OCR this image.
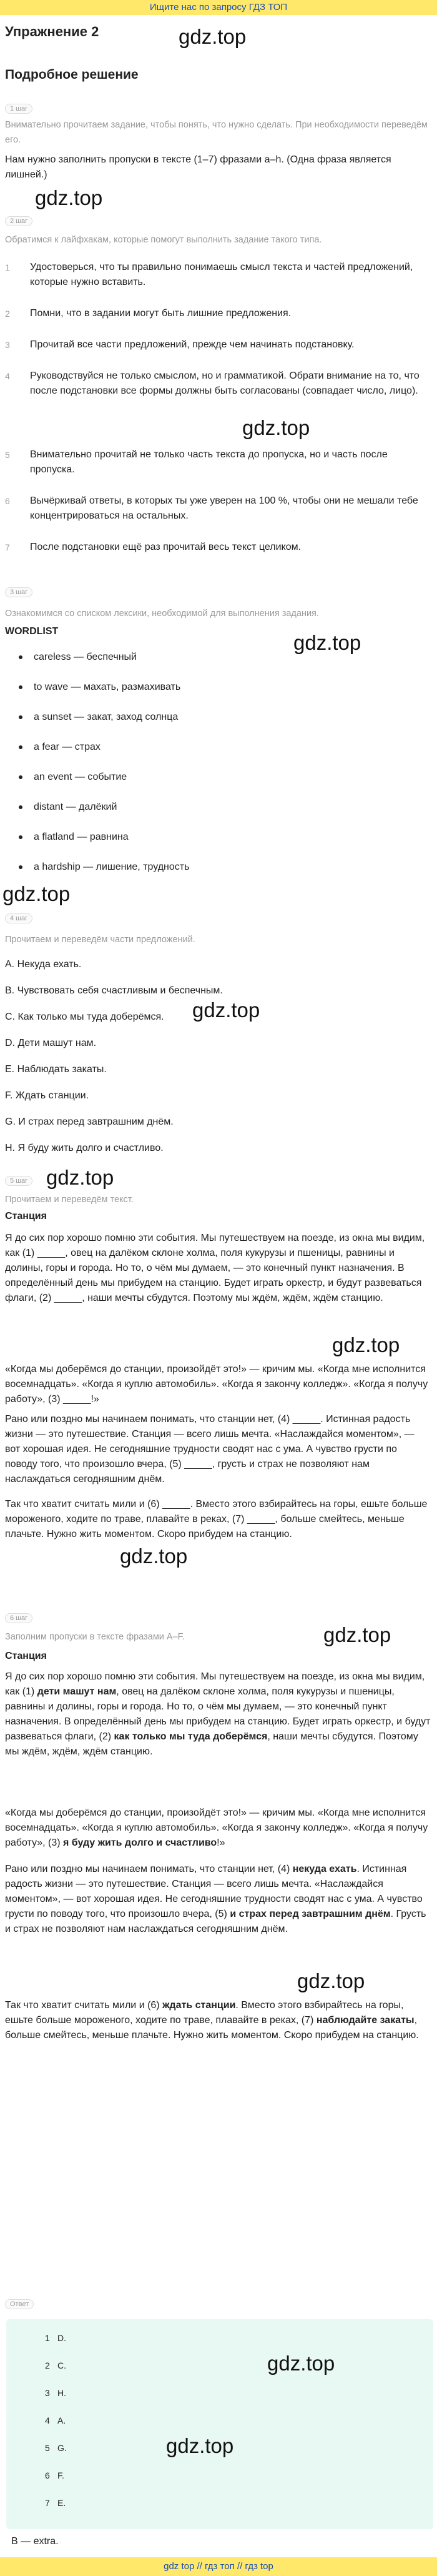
Ищите нас по запросу ГДЗ ТОП
Упражнение 2	gdz.top
Подробное решение
1 шаг
Внимательно прочитаем задание, чтобы понять, что нужно сделать. При необходимости переведём его.
Нам нужно заполнить пропуски в тексте (1–7) фразами a–h. (Одна фраза является лишней.)
gdz.top
2 шаг
Обратимся к лайфхакам, которые помогут выполнить задание такого типа.
1	Удостоверься, что ты правильно понимаешь смысл текста и частей предложений, которые нужно вставить.
2	Помни, что в задании могут быть лишние предложения.
3	Прочитай все части предложений, прежде чем начинать подстановку.
4	Руководствуйся не только смыслом, но и грамматикой. Обрати внимание на то, что после подстановки все формы должны быть согласованы (совпадает число, лицо).
gdz.top
5	Внимательно прочитай не только часть текста до пропуска, но и часть после пропуска.
6	Вычёркивай ответы, в которых ты уже уверен на 100 %, чтобы они не мешали тебе концентрироваться на остальных.
7	После подстановки ещё раз прочитай весь текст целиком.
3 шаг
Ознакомимся со списком лексики, необходимой для выполнения задания.
WORDLIST	gdz.top
careless — беспечный
to wave — махать, размахивать
a sunset — закат, заход солнца
a fear — страх
an event — событие
distant — далёкий
a flatland — равнина
a hardship — лишение, трудность
gdz.top
4 шаг
Прочитаем и переведём части предложений.
A. Некуда ехать.
B. Чувствовать себя счастливым и беспечным.
gdz.top
C. Как только мы туда доберёмся.
D. Дети машут нам.
E. Наблюдать закаты.
F. Ждать станции.
G. И страх перед завтрашним днём.
H. Я буду жить долго и счастливо.
5 шаг gdz.top
Прочитаем и переведём текст.
Станция
Я до сих пор хорошо помню эти события. Мы путешествуем на поезде, из окна мы видим, как (1) _____, овец на далёком склоне холма, поля кукурузы и пшеницы, равнины и долины, горы и города. Но то, о чём мы думаем, — это конечный пункт назначения. В определённый день мы прибудем на станцию. Будет играть оркестр, и будут развеваться флаги, (2) _____, наши мечты сбудутся. Поэтому мы ждём, ждём, ждём станцию.
gdz.top
«Когда мы доберёмся до станции, произойдёт это!» — кричим мы. «Когда мне исполнится восемнадцать». «Когда я куплю автомобиль». «Когда я закончу колледж». «Когда я получу работу», (3) _____!»
Рано или поздно мы начинаем понимать, что станции нет, (4) _____. Истинная радость жизни — это путешествие. Станция — всего лишь мечта. «Наслаждайся моментом», — вот хорошая идея. Не сегодняшние трудности сводят нас с ума. А чувство грусти по поводу того, что произошло вчера, (5) _____, грусть и страх не позволяют нам наслаждаться сегодняшним днём.
Так что хватит считать мили и (6) _____. Вместо этого взбирайтесь на горы, ешьте больше мороженого, ходите по траве, плавайте в реках, (7) _____, больше смейтесь, меньше плачьте. Нужно жить моментом. Скоро прибудем на станцию.
gdz.top
6 шаг
gdz.top
Заполним пропуски в тексте фразами A–F.
Станция
Я до сих пор хорошо помню эти события. Мы путешествуем на поезде, из окна мы видим, как (1) дети машут нам, овец на далёком склоне холма, поля кукурузы и пшеницы, равнины и долины, горы и города. Но то, о чём мы думаем, — это конечный пункт назначения. В определённый день мы прибудем на станцию. Будет играть оркестр, и будут развеваться флаги, (2) как только мы туда доберёмся, наши мечты сбудутся. Поэтому мы ждём, ждём, ждём станцию.
«Когда мы доберёмся до станции, произойдёт это!» — кричим мы. «Когда мне исполнится восемнадцать». «Когда я куплю автомобиль». «Когда я закончу колледж». «Когда я получу работу», (3) я буду жить долго и счастливо!»
Рано или поздно мы начинаем понимать, что станции нет, (4) некуда ехать. Истинная радость жизни — это путешествие. Станция — всего лишь мечта. «Наслаждайся моментом», — вот хорошая идея. Не сегодняшние трудности сводят нас с ума. А чувство грусти по поводу того, что произошло вчера, (5) и страх перед завтрашним днём. Грусть и страх не позволяют нам наслаждаться сегодняшним днём.
gdz.top
Так что хватит считать мили и (6) ждать станции. Вместо этого взбирайтесь на горы, ешьте больше мороженого, ходите по траве, плавайте в реках, (7) наблюдайте закаты, больше смейтесь, меньше плачьте. Нужно жить моментом. Скоро прибудем на станцию.
Ответ
gdz.top
1 D.
2 C.
3 H.
4 A.
5 G.	gdz.top
6 F.
7 E.
B — extra.
gdz top // гдз топ // гдз top
